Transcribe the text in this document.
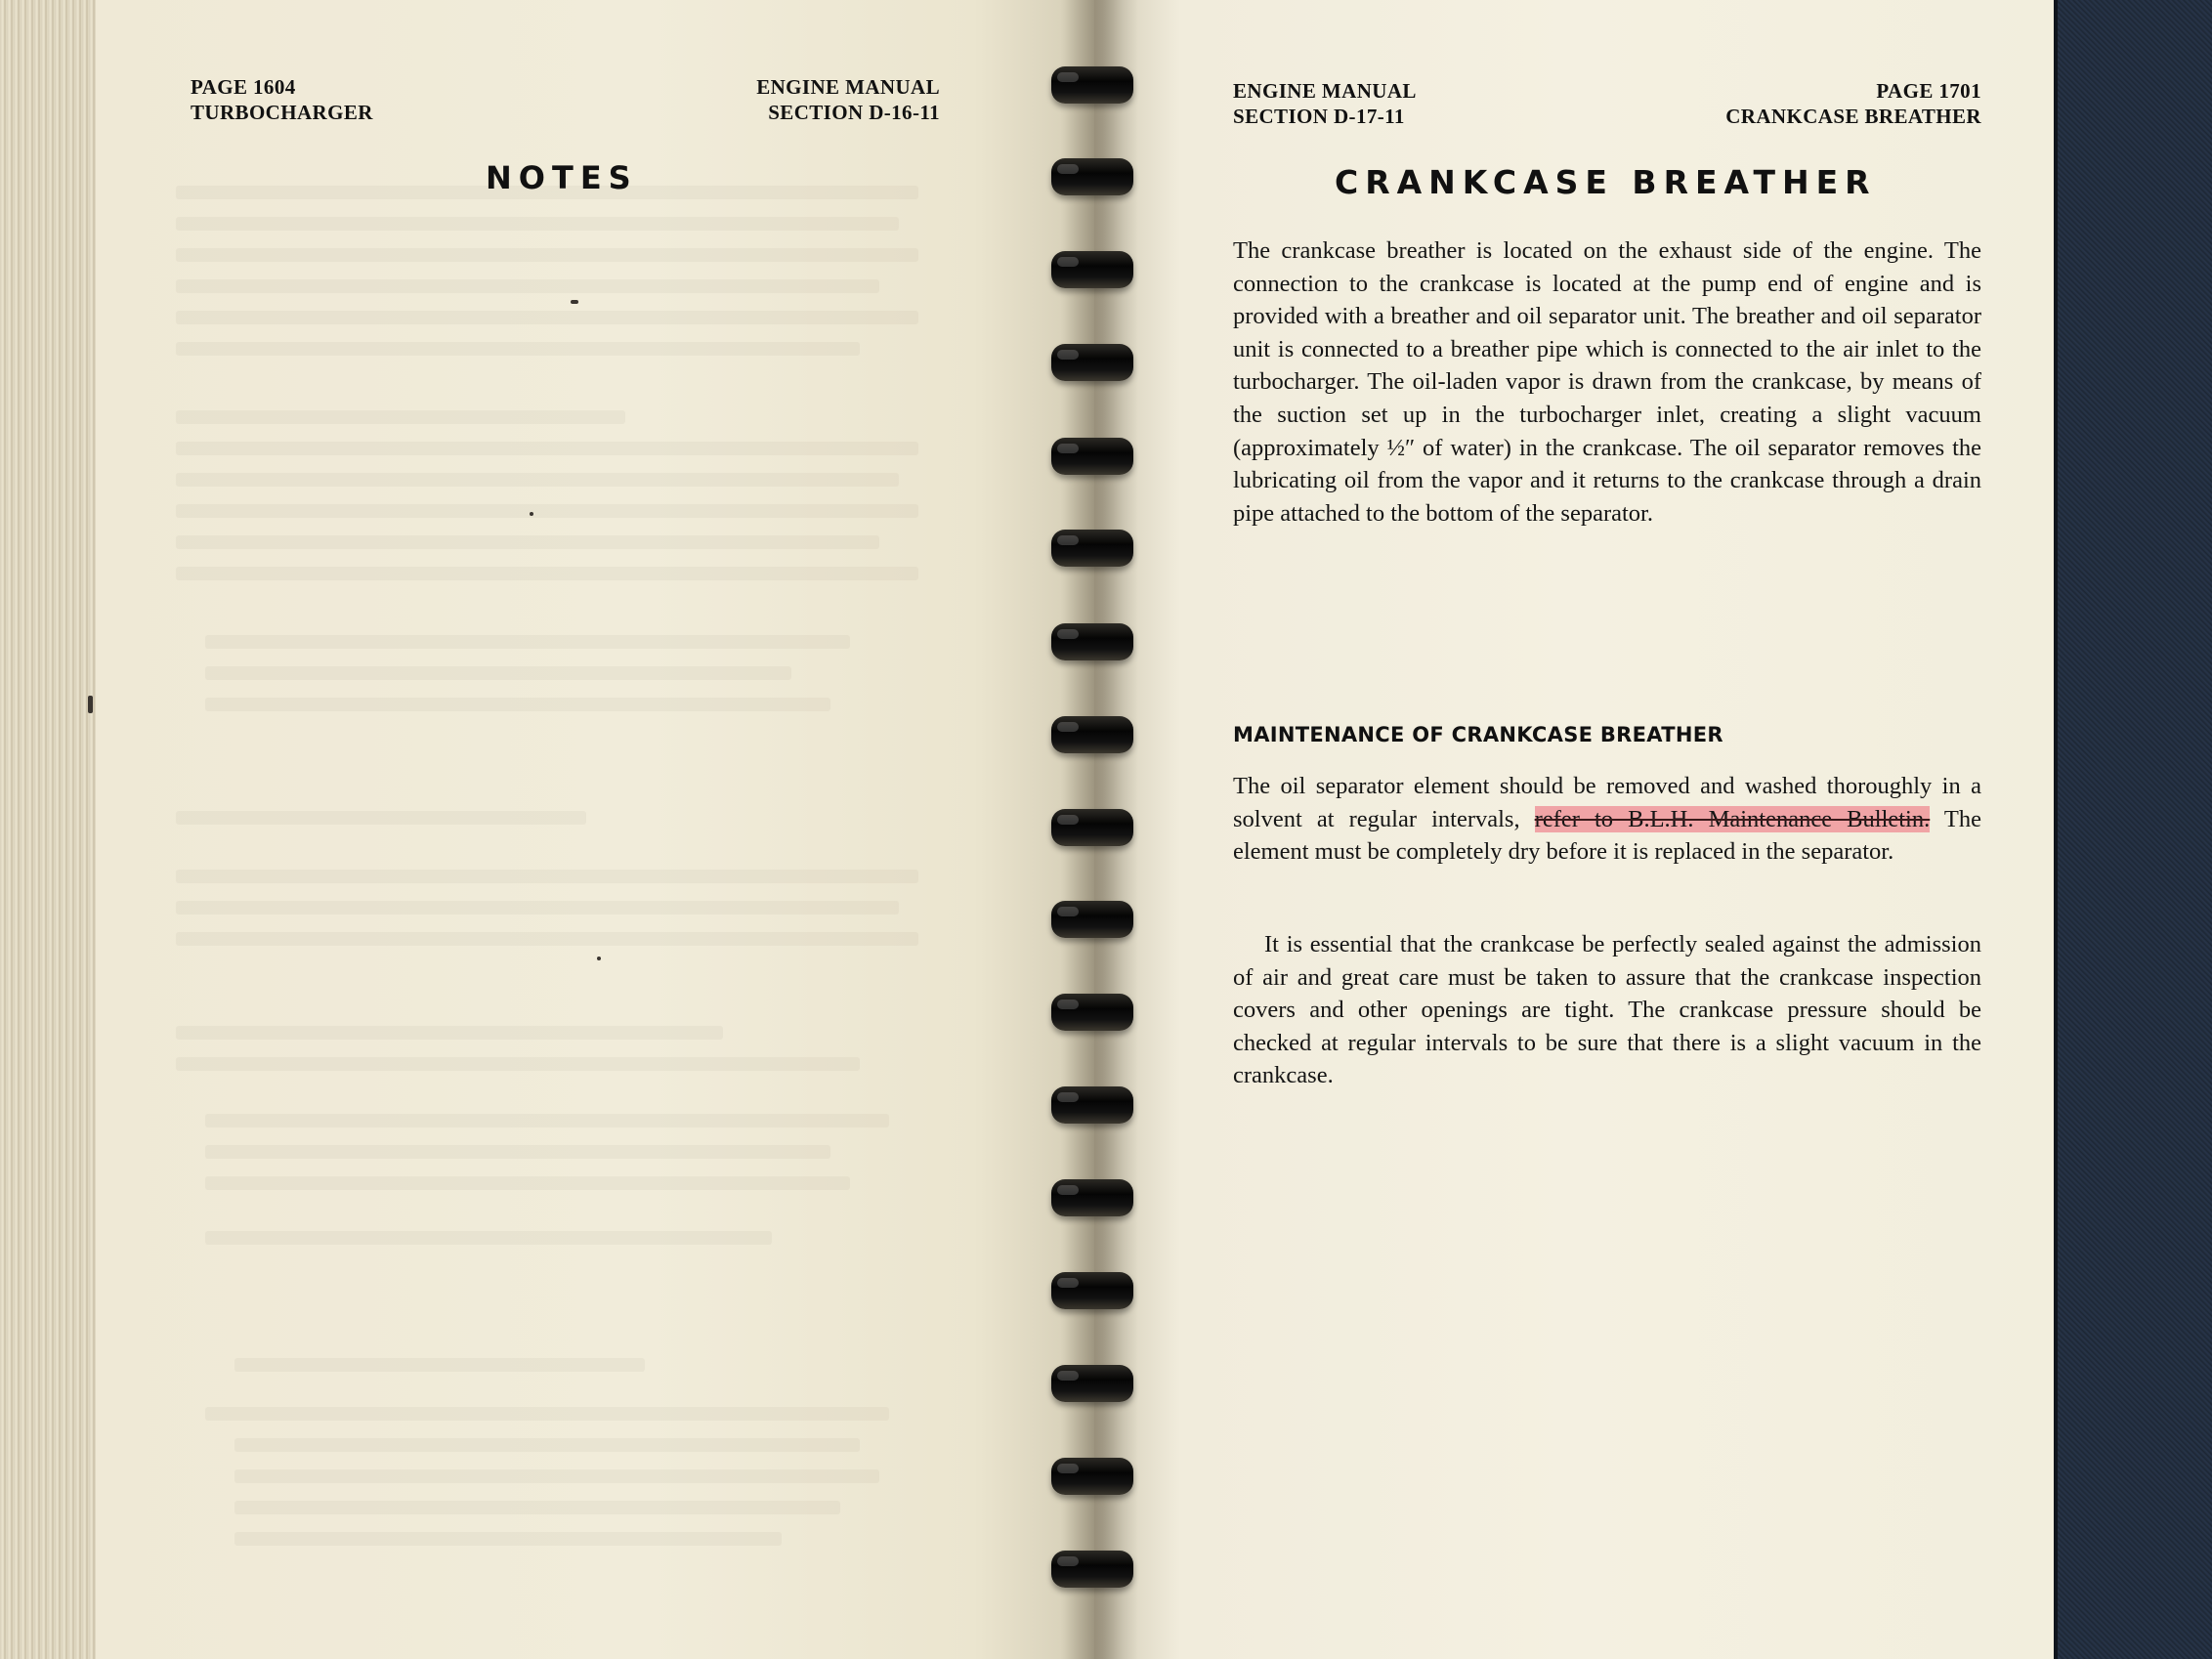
PAGE 1604
TURBOCHARGER
ENGINE MANUAL
SECTION D-16-11
NOTES
ENGINE MANUAL
SECTION D-17-11
PAGE 1701
CRANKCASE BREATHER
CRANKCASE BREATHER

The crankcase breather is located on the exhaust side of the engine. The connection to the crankcase is located at the pump end of engine and is provided with a breather and oil separator unit. The breather and oil separator unit is connected to a breather pipe which is connected to the air inlet to the turbocharger. The oil-laden vapor is drawn from the crankcase, by means of the suction set up in the turbocharger inlet, creating a slight vacuum (approximately ½″ of water) in the crankcase. The oil separator removes the lubricating oil from the vapor and it returns to the crankcase through a drain pipe attached to the bottom of the separator.

MAINTENANCE OF CRANKCASE BREATHER

The oil separator element should be removed and washed thoroughly in a solvent at regular intervals, refer to B.L.H. Maintenance Bulletin. The element must be completely dry before it is replaced in the separator.

It is essential that the crankcase be perfectly sealed against the admission of air and great care must be taken to assure that the crankcase inspection covers and other openings are tight. The crankcase pressure should be checked at regular intervals to be sure that there is a slight vacuum in the crankcase.
